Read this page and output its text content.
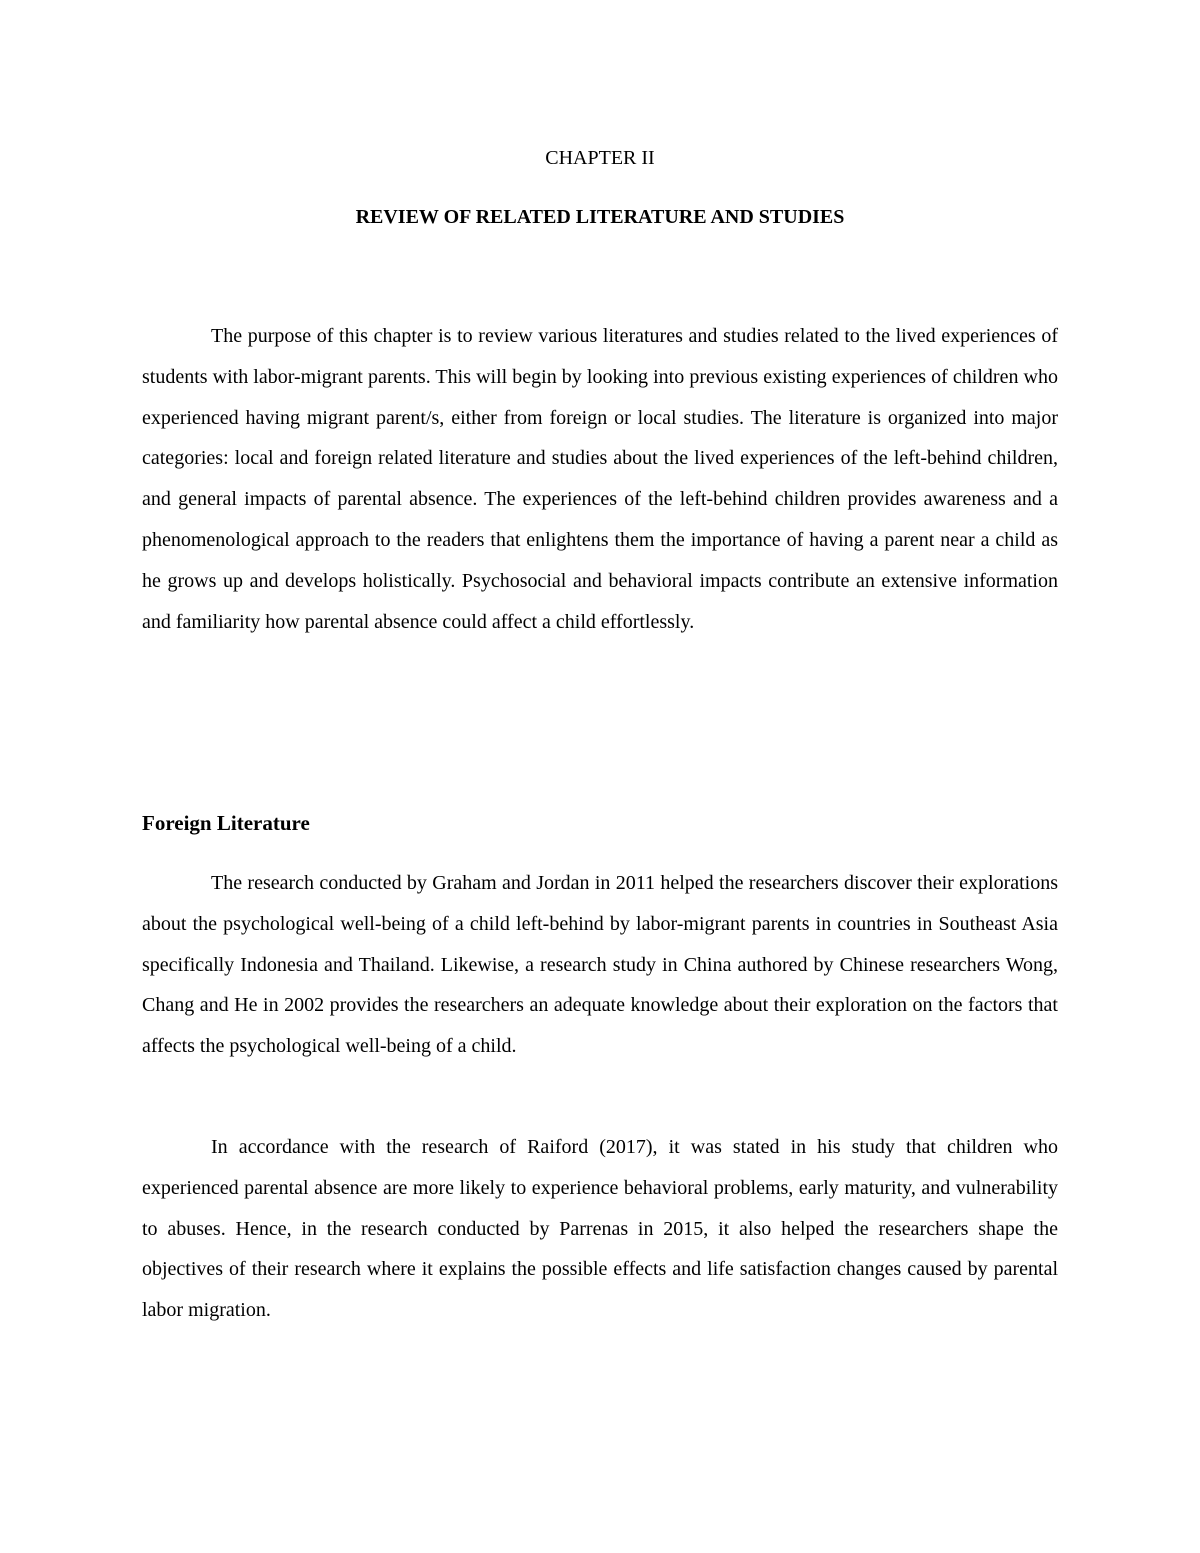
CHAPTER II

REVIEW OF RELATED LITERATURE AND STUDIES

The purpose of this chapter is to review various literatures and studies related to the lived experiences of students with labor-migrant parents. This will begin by looking into previous existing experiences of children who experienced having migrant parent/s, either from foreign or local studies. The literature is organized into major categories: local and foreign related literature and studies about the lived experiences of the left-behind children, and general impacts of parental absence. The experiences of the left-behind children provides awareness and a phenomenological approach to the readers that enlightens them the importance of having a parent near a child as he grows up and develops holistically. Psychosocial and behavioral impacts contribute an extensive information and familiarity how parental absence could affect a child effortlessly.

Foreign Literature

The research conducted by Graham and Jordan in 2011 helped the researchers discover their explorations about the psychological well-being of a child left-behind by labor-migrant parents in countries in Southeast Asia specifically Indonesia and Thailand. Likewise, a research study in China authored by Chinese researchers Wong, Chang and He in 2002 provides the researchers an adequate knowledge about their exploration on the factors that affects the psychological well-being of a child.

In accordance with the research of Raiford (2017), it was stated in his study that children who experienced parental absence are more likely to experience behavioral problems, early maturity, and vulnerability to abuses. Hence, in the research conducted by Parrenas in 2015, it also helped the researchers shape the objectives of their research where it explains the possible effects and life satisfaction changes caused by parental labor migration.
